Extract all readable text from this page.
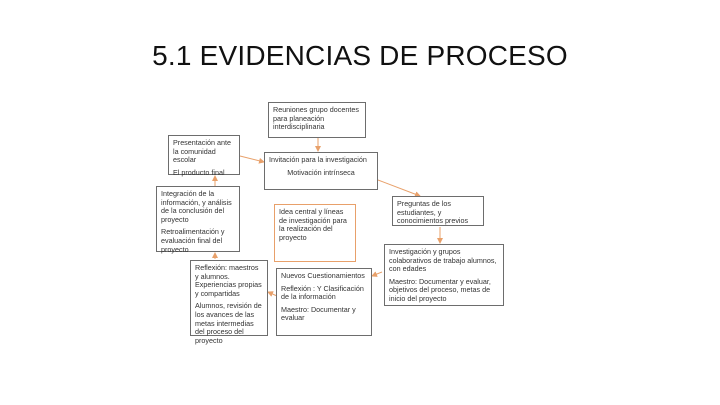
5.1 EVIDENCIAS DE PROCESO
Reuniones grupo docentes para planeación interdisciplinaria
Invitación para la investigación
Motivación intrínseca
Presentación ante la comunidad escolar
El producto final
Integración de la información, y análisis de la conclusión del proyecto
Retroalimentación y evaluación final del proyecto
Idea central y líneas de investigación para la realización del proyecto
Preguntas de los estudiantes, y conocimientos previos
Investigación y grupos colaborativos de trabajo alumnos, con edades
Maestro: Documentar y evaluar, objetivos del proceso, metas de inicio del proyecto
Reflexión: maestros y alumnos. Experiencias propias y compartidas
Alumnos, revisión de los avances de las metas intermedias del proceso del proyecto
Nuevos Cuestionamientos
Reflexión : Y Clasificación de la información
Maestro: Documentar y evaluar
